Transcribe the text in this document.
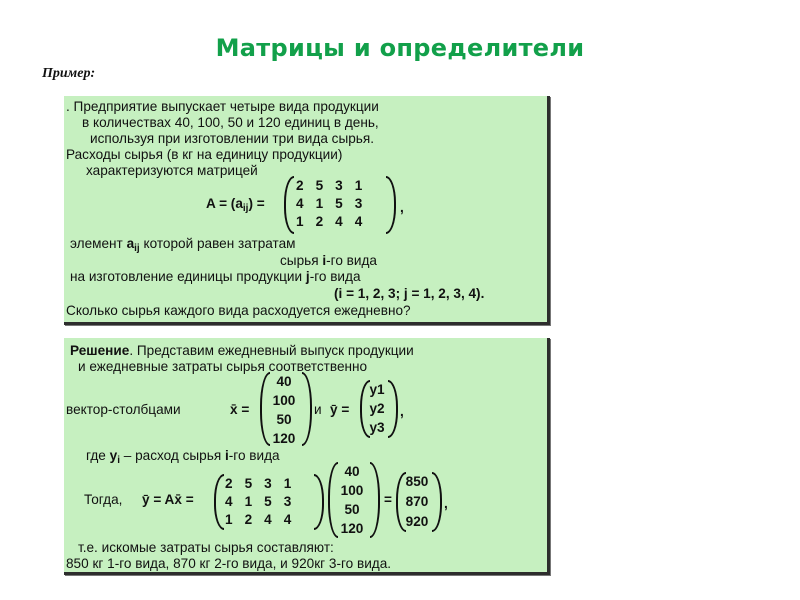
Матрицы и определители
Пример:
. Предприятие выпускает четыре вида продукции
в количествах 40, 100, 50 и 120 единиц в день,
используя при изготовлении три вида сырья.
Расходы сырья (в кг на единицу продукции)
характеризуются матрицей
$A = (a_{ij})$ =
2	5	3	1
4	1	5	3
1	2	4	4
,
элемент $a_{ij}$ которой равен затратам
сырья i-го вида
на изготовление единицы продукции j-го вида
(i = 1, 2, 3; j = 1, 2, 3, 4).
Сколько сырья каждого вида расходуется ежедневно?
Решение. Представим ежедневный выпуск продукции
и ежедневные затраты сырья соответственно
вектор-столбцами	x̄ =
40
100
50
120
и ȳ =
y1
y2
y3
,
где $y_i$ – расход сырья i-го вида
Тогда, ȳ = Ax̄ =
2	5	3	1
4	1	5	3
1	2	4	4
40
100
50
120
=
850
870
920
,
т.е. искомые затраты сырья составляют:
850 кг 1-го вида, 870 кг 2-го вида, и 920кг 3-го вида.
